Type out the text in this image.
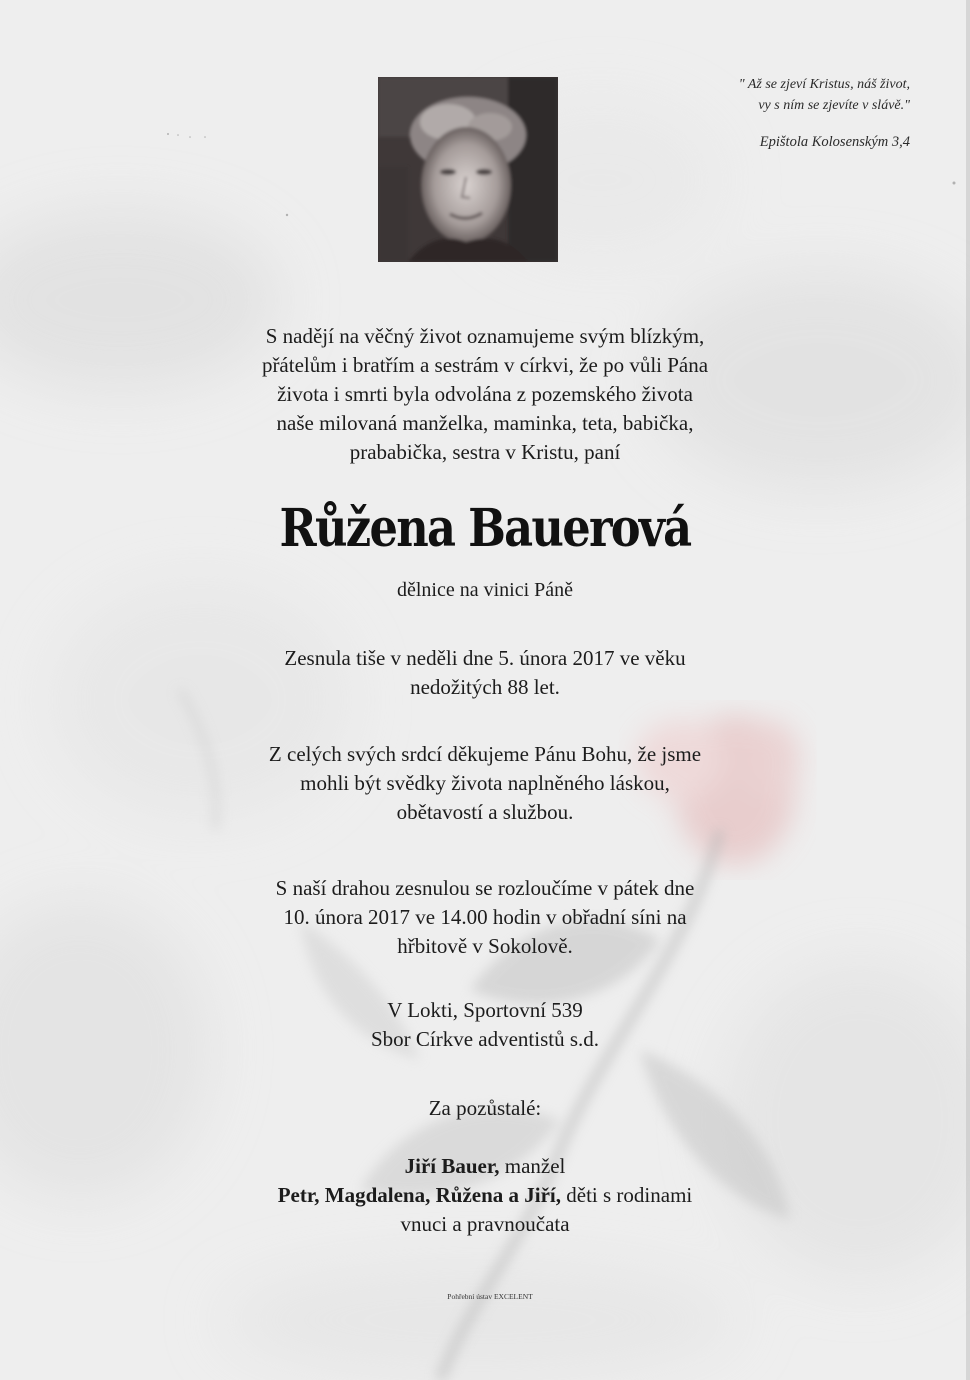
" Až se zjeví Kristus, náš život,
vy s ním se zjevíte v slávě."
Epištola Kolosenským 3,4
S nadějí na věčný život oznamujeme svým blízkým,
přátelům i bratřím a sestrám v církvi, že po vůli Pána
života i smrti byla odvolána z pozemského života
naše milovaná manželka, maminka, teta, babička,
prababička, sestra v Kristu, paní
Růžena Bauerová
dělnice na vinici Páně
Zesnula tiše v neděli dne 5. února 2017 ve věku
nedožitých 88 let.
Z celých svých srdcí děkujeme Pánu Bohu, že jsme
mohli být svědky života naplněného láskou,
obětavostí a službou.
S naší drahou zesnulou se rozloučíme v pátek dne
10. února 2017 ve 14.00 hodin v obřadní síni na
hřbitově v Sokolově.
V Lokti, Sportovní 539
Sbor Církve adventistů s.d.
Za pozůstalé:
Jiří Bauer, manžel
Petr, Magdalena, Růžena a Jiří, děti s rodinami
vnuci a pravnoučata
Pohřební ústav EXCELENT
